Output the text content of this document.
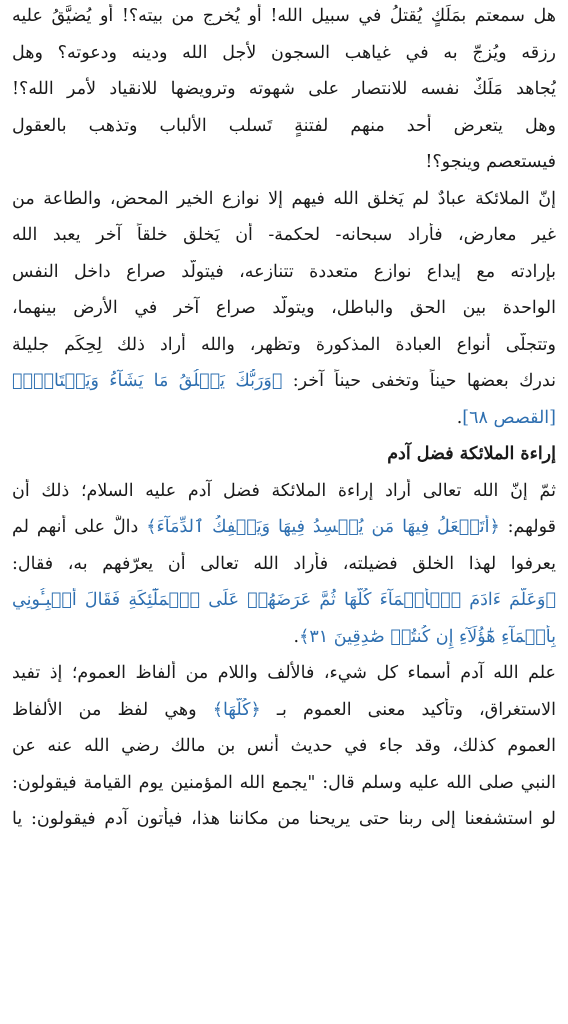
هل سمعتم بمَلَكٍ يُقتلُ في سبيل الله! أو يُخرج من بيته؟! أو يُضيَّقُ عليه
رزقه ويُزجّ به في غياهب السجون لأجل الله ودينه ودعوته؟ وهل
يُجاهد مَلَكٌ نفسه للانتصار على شهوته وترويضها للانقياد لأمر الله؟!
وهل يتعرض أحد منهم لفتنةٍ تَسلب الألباب وتذهب بالعقول
فيستعصم وينجو؟!
إنّ الملائكة عبادٌ لم يَخلق الله فيهم إلا نوازع الخير المحض، والطاعة من
غير معارض، فأراد سبحانه- لحكمة- أن يَخلق خلقاً آخر يعبد الله
بإرادته مع إيداع نوازع متعددة تتنازعه، فيتولّد صراع داخل النفس
الواحدة بين الحق والباطل، ويتولّد صراع آخر في الأرض بينهما،
وتتجلّى أنواع العبادة المذكورة وتظهر، والله أراد ذلك لِحِكَم جليلة
ندرك بعضها حيناً وتخفى حيناً آخر: ﴿وَرَبُّكَ يَخۡلُقُ مَا يَشَآءُ وَيَخۡتَارُۗ﴾
[القصص ٦٨].
إراءة الملائكة فضل آدم
ثمّ إنّ الله تعالى أراد إراءة الملائكة فضل آدم عليه السلام؛ ذلك أن
قولهم: ﴿أَتَجۡعَلُ فِيهَا مَن يُفۡسِدُ فِيهَا وَيَسۡفِكُ ٱلدِّمَآءَ﴾ دالٌّ على أنهم لم
يعرفوا لهذا الخلق فضيلته، فأراد الله تعالى أن يعرّفهم به، فقال:
﴿وَعَلَّمَ ءَادَمَ ٱلۡأَسۡمَآءَ كُلَّهَا ثُمَّ عَرَضَهُمۡ عَلَى ٱلۡمَلَٰٓئِكَةِ فَقَالَ أَنۢبِـُٔونِي
بِأَسۡمَآءِ هَٰٓؤُلَآءِ إِن كُنتُمۡ صَٰدِقِينَ ٣١﴾.
علم الله آدم أسماء كل شيء، فالألف واللام من ألفاظ العموم؛ إذ تفيد
الاستغراق، وتأكيد معنى العموم بـ ﴿كُلَّهَا﴾ وهي لفظ من الألفاظ
العموم كذلك، وقد جاء في حديث أنس بن مالك رضي الله عنه عن
النبي صلى الله عليه وسلم قال: "يجمع الله المؤمنين يوم القيامة فيقولون:
لو استشفعنا إلى ربنا حتى يريحنا من مكاننا هذا، فيأتون آدم فيقولون: يا
